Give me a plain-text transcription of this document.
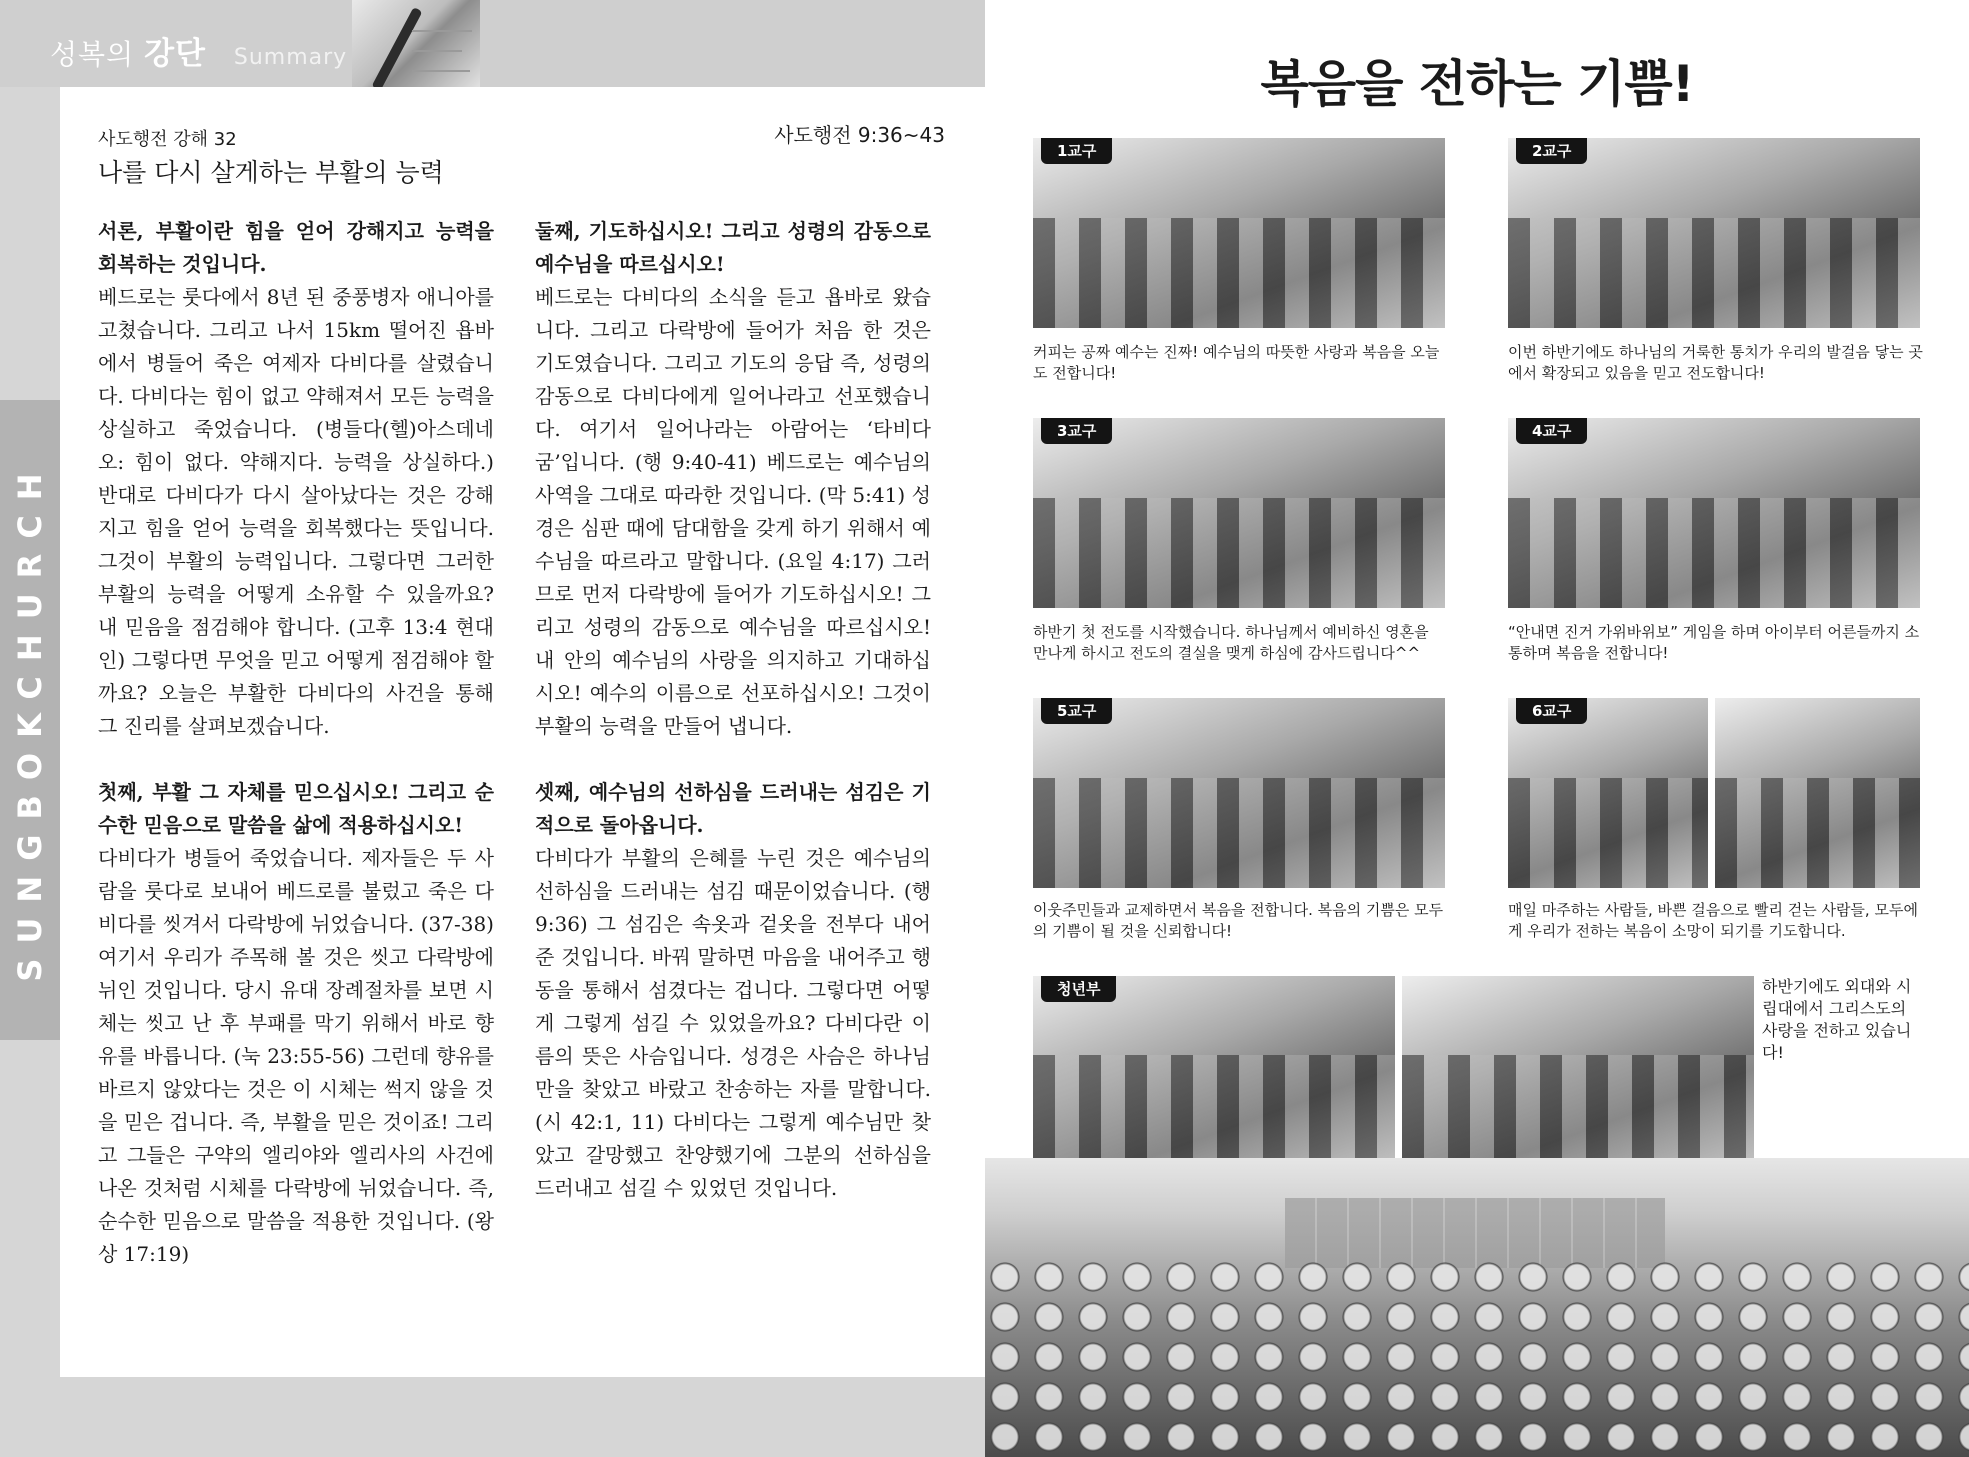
성복의 강단 Summary
SUNGBOKCHURCH
사도행전 강해 32
나를 다시 살게하는 부활의 능력
사도행전 9:36~43
서론, 부활이란 힘을 얻어 강해지고 능력을 회복하는 것입니다.

베드로는 룻다에서 8년 된 중풍병자 애니아를 고쳤습니다. 그리고 나서 15km 떨어진 욥바에서 병들어 죽은 여제자 다비다를 살렸습니다. 다비다는 힘이 없고 약해져서 모든 능력을 상실하고 죽었습니다. (병들다(헬)아스데네오: 힘이 없다. 약해지다. 능력을 상실하다.) 반대로 다비다가 다시 살아났다는 것은 강해지고 힘을 얻어 능력을 회복했다는 뜻입니다. 그것이 부활의 능력입니다. 그렇다면 그러한 부활의 능력을 어떻게 소유할 수 있을까요? 내 믿음을 점검해야 합니다. (고후 13:4 현대인) 그렇다면 무엇을 믿고 어떻게 점검해야 할까요? 오늘은 부활한 다비다의 사건을 통해 그 진리를 살펴보겠습니다.

첫째, 부활 그 자체를 믿으십시오! 그리고 순수한 믿음으로 말씀을 삶에 적용하십시오!

다비다가 병들어 죽었습니다. 제자들은 두 사람을 룻다로 보내어 베드로를 불렀고 죽은 다비다를 씻겨서 다락방에 뉘었습니다. (37-38) 여기서 우리가 주목해 볼 것은 씻고 다락방에 뉘인 것입니다. 당시 유대 장례절차를 보면 시체는 씻고 난 후 부패를 막기 위해서 바로 향유를 바릅니다. (눅 23:55-56) 그런데 향유를 바르지 않았다는 것은 이 시체는 썩지 않을 것을 믿은 겁니다. 즉, 부활을 믿은 것이죠! 그리고 그들은 구약의 엘리야와 엘리사의 사건에 나온 것처럼 시체를 다락방에 뉘었습니다. 즉, 순수한 믿음으로 말씀을 적용한 것입니다. (왕상 17:19)

둘째, 기도하십시오! 그리고 성령의 감동으로 예수님을 따르십시오!

베드로는 다비다의 소식을 듣고 욥바로 왔습니다. 그리고 다락방에 들어가 처음 한 것은 기도였습니다. 그리고 기도의 응답 즉, 성령의 감동으로 다비다에게 일어나라고 선포했습니다. 여기서 일어나라는 아람어는 ‘타비다 굼’입니다. (행 9:40-41) 베드로는 예수님의 사역을 그대로 따라한 것입니다. (막 5:41) 성경은 심판 때에 담대함을 갖게 하기 위해서 예수님을 따르라고 말합니다. (요일 4:17) 그러므로 먼저 다락방에 들어가 기도하십시오! 그리고 성령의 감동으로 예수님을 따르십시오! 내 안의 예수님의 사랑을 의지하고 기대하십시오! 예수의 이름으로 선포하십시오! 그것이 부활의 능력을 만들어 냅니다.

셋째, 예수님의 선하심을 드러내는 섬김은 기적으로 돌아옵니다.

다비다가 부활의 은혜를 누린 것은 예수님의 선하심을 드러내는 섬김 때문이었습니다. (행 9:36) 그 섬김은 속옷과 겉옷을 전부다 내어준 것입니다. 바꿔 말하면 마음을 내어주고 행동을 통해서 섬겼다는 겁니다. 그렇다면 어떻게 그렇게 섬길 수 있었을까요? 다비다란 이름의 뜻은 사슴입니다. 성경은 사슴은 하나님만을 찾았고 바랐고 찬송하는 자를 말합니다. (시 42:1, 11) 다비다는 그렇게 예수님만 찾았고 갈망했고 찬양했기에 그분의 선하심을 드러내고 섬길 수 있었던 것입니다.

복음을 전하는 기쁨!
1교구
커피는 공짜 예수는 진짜! 예수님의 따뜻한 사랑과 복음을 오늘도 전합니다!
2교구
이번 하반기에도 하나님의 거룩한 통치가 우리의 발걸음 닿는 곳에서 확장되고 있음을 믿고 전도합니다!
3교구
하반기 첫 전도를 시작했습니다. 하나님께서 예비하신 영혼을 만나게 하시고 전도의 결실을 맺게 하심에 감사드립니다^^
4교구
“안내면 진거 가위바위보” 게임을 하며 아이부터 어른들까지 소통하며 복음을 전합니다!
5교구
이웃주민들과 교제하면서 복음을 전합니다. 복음의 기쁨은 모두의 기쁨이 될 것을 신뢰합니다!
6교구
매일 마주하는 사람들, 바쁜 걸음으로 빨리 걷는 사람들, 모두에게 우리가 전하는 복음이 소망이 되기를 기도합니다.
청년부	하반기에도 외대와 시립대에서 그리스도의 사랑을 전하고 있습니다!
